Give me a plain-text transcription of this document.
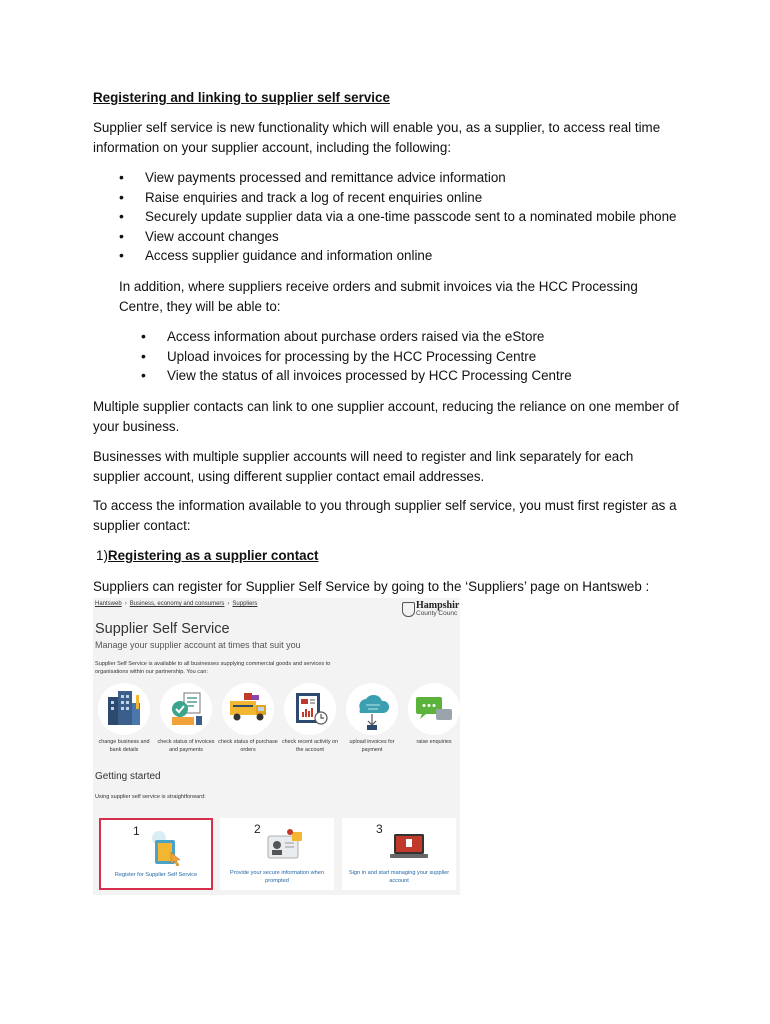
Registering and linking to supplier self service

Supplier self service is new functionality which will enable you, as a supplier, to access real time information on your supplier account, including the following:

• View payments processed and remittance advice information
• Raise enquiries and track a log of recent enquiries online
• Securely update supplier data via a one-time passcode sent to a nominated mobile phone
• View account changes
• Access supplier guidance and information online

In addition, where suppliers receive orders and submit invoices via the HCC Processing Centre, they will be able to:

• Access information about purchase orders raised via the eStore
• Upload invoices for processing by the HCC Processing Centre
• View the status of all invoices processed by HCC Processing Centre

Multiple supplier contacts can link to one supplier account, reducing the reliance on one member of your business.

Businesses with multiple supplier accounts will need to register and link separately for each supplier account, using different supplier contact email addresses.

To access the information available to you through supplier self service, you must first register as a supplier contact:

1)Registering as a supplier contact

Suppliers can register for Supplier Self Service by going to the ‘Suppliers’ page on Hantsweb :

Hantsweb › Business, economy and consumers › Suppliers	Hampshir
County Counc
Supplier Self Service
Manage your supplier account at times that suit you
Supplier Self Service is available to all businesses supplying commercial goods and services to organisations within our partnership. You can:
change business and bank details
check status of invoices and payments
check status of purchase orders
check recent activity on the account
upload invoices for payment
raise enquiries
Getting started
Using supplier self service is straightforward:
1
Register for Supplier Self Service
2
Provide your secure information when prompted
3
Sign in and start managing your supplier account
